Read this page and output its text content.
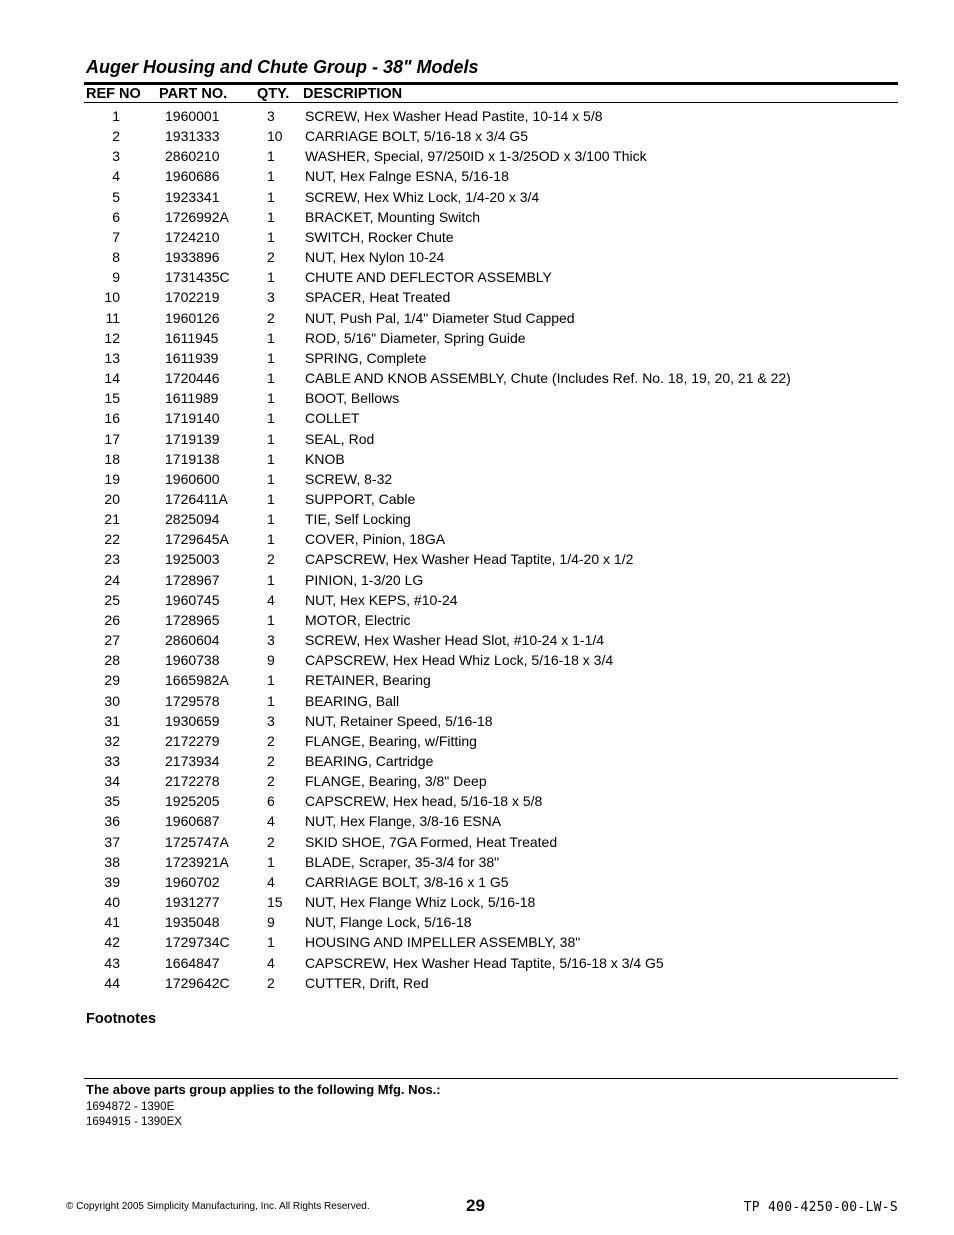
Auger Housing and Chute Group - 38" Models
REF NO PART NO. QTY. DESCRIPTION
1	1960001	3 SCREW, Hex Washer Head Pastite, 10-14 x 5/8
2	1931333	10 CARRIAGE BOLT, 5/16-18 x 3/4 G5
3	2860210	1 WASHER, Special, 97/250ID x 1-3/25OD x 3/100 Thick
4	1960686	1 NUT, Hex Falnge ESNA, 5/16-18
5	1923341	1 SCREW, Hex Whiz Lock, 1/4-20 x 3/4
6	1726992A	1 BRACKET, Mounting Switch
7	1724210	1 SWITCH, Rocker Chute
8	1933896	2 NUT, Hex Nylon 10-24
9	1731435C	1 CHUTE AND DEFLECTOR ASSEMBLY
10	1702219	3 SPACER, Heat Treated
11	1960126	2 NUT, Push Pal, 1/4" Diameter Stud Capped
12	1611945	1 ROD, 5/16" Diameter, Spring Guide
13	1611939	1 SPRING, Complete
14	1720446	1 CABLE AND KNOB ASSEMBLY, Chute (Includes Ref. No. 18, 19, 20, 21 & 22)
15	1611989	1 BOOT, Bellows
16	1719140	1 COLLET
17	1719139	1 SEAL, Rod
18	1719138	1 KNOB
19	1960600	1 SCREW, 8-32
20	1726411A	1 SUPPORT, Cable
21	2825094	1 TIE, Self Locking
22	1729645A	1 COVER, Pinion, 18GA
23	1925003	2 CAPSCREW, Hex Washer Head Taptite, 1/4-20 x 1/2
24	1728967	1 PINION, 1-3/20 LG
25	1960745	4 NUT, Hex KEPS, #10-24
26	1728965	1 MOTOR, Electric
27	2860604	3 SCREW, Hex Washer Head Slot, #10-24 x 1-1/4
28	1960738	9 CAPSCREW, Hex Head Whiz Lock, 5/16-18 x 3/4
29	1665982A	1 RETAINER, Bearing
30	1729578	1 BEARING, Ball
31	1930659	3 NUT, Retainer Speed, 5/16-18
32	2172279	2 FLANGE, Bearing, w/Fitting
33	2173934	2 BEARING, Cartridge
34	2172278	2 FLANGE, Bearing, 3/8" Deep
35	1925205	6 CAPSCREW, Hex head, 5/16-18 x 5/8
36	1960687	4 NUT, Hex Flange, 3/8-16 ESNA
37	1725747A	2 SKID SHOE, 7GA Formed, Heat Treated
38	1723921A	1 BLADE, Scraper, 35-3/4 for 38"
39	1960702	4 CARRIAGE BOLT, 3/8-16 x 1 G5
40	1931277	15 NUT, Hex Flange Whiz Lock, 5/16-18
41	1935048	9 NUT, Flange Lock, 5/16-18
42	1729734C	1 HOUSING AND IMPELLER ASSEMBLY, 38"
43	1664847	4 CAPSCREW, Hex Washer Head Taptite, 5/16-18 x 3/4 G5
44	1729642C	2 CUTTER, Drift, Red
Footnotes
The above parts group applies to the following Mfg. Nos.:
1694872 - 1390E
1694915 - 1390EX
© Copyright 2005 Simplicity Manufacturing, Inc. All Rights Reserved.	29	TP 400-4250-00-LW-S
